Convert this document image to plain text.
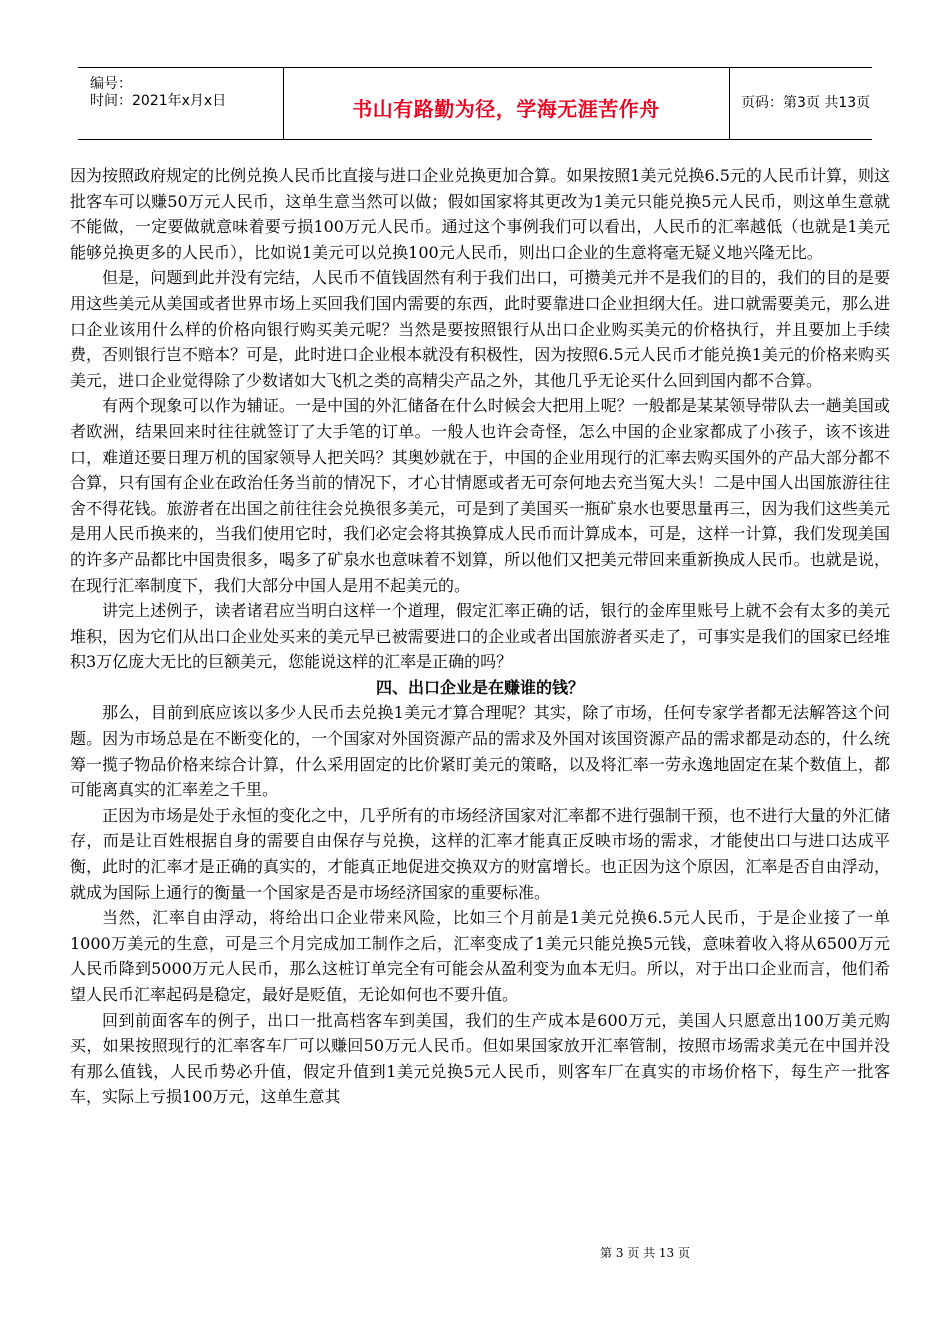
编号：
时间：2021年x月x日	书山有路勤为径，学海无涯苦作舟	页码：第3页 共13页

因为按照政府规定的比例兑换人民币比直接与进口企业兑换更加合算。如果按照1美元兑换6.5元的人民币计算，则这批客车可以赚50万元人民币，这单生意当然可以做；假如国家将其更改为1美元只能兑换5元人民币，则这单生意就不能做，一定要做就意味着要亏损100万元人民币。通过这个事例我们可以看出，人民币的汇率越低（也就是1美元能够兑换更多的人民币），比如说1美元可以兑换100元人民币，则出口企业的生意将毫无疑义地兴隆无比。

但是，问题到此并没有完结，人民币不值钱固然有利于我们出口，可攒美元并不是我们的目的，我们的目的是要用这些美元从美国或者世界市场上买回我们国内需要的东西，此时要靠进口企业担纲大任。进口就需要美元，那么进口企业该用什么样的价格向银行购买美元呢？当然是要按照银行从出口企业购买美元的价格执行，并且要加上手续费，否则银行岂不赔本？可是，此时进口企业根本就没有积极性，因为按照6.5元人民币才能兑换1美元的价格来购买美元，进口企业觉得除了少数诸如大飞机之类的高精尖产品之外，其他几乎无论买什么回到国内都不合算。

有两个现象可以作为辅证。一是中国的外汇储备在什么时候会大把用上呢？一般都是某某领导带队去一趟美国或者欧洲，结果回来时往往就签订了大手笔的订单。一般人也许会奇怪，怎么中国的企业家都成了小孩子，该不该进口，难道还要日理万机的国家领导人把关吗？其奥妙就在于，中国的企业用现行的汇率去购买国外的产品大部分都不合算，只有国有企业在政治任务当前的情况下，才心甘情愿或者无可奈何地去充当冤大头！二是中国人出国旅游往往舍不得花钱。旅游者在出国之前往往会兑换很多美元，可是到了美国买一瓶矿泉水也要思量再三，因为我们这些美元是用人民币换来的，当我们使用它时，我们必定会将其换算成人民币而计算成本，可是，这样一计算，我们发现美国的许多产品都比中国贵很多，喝多了矿泉水也意味着不划算，所以他们又把美元带回来重新换成人民币。也就是说，在现行汇率制度下，我们大部分中国人是用不起美元的。

讲完上述例子，读者诸君应当明白这样一个道理，假定汇率正确的话，银行的金库里账号上就不会有太多的美元堆积，因为它们从出口企业处买来的美元早已被需要进口的企业或者出国旅游者买走了，可事实是我们的国家已经堆积3万亿庞大无比的巨额美元，您能说这样的汇率是正确的吗？

四、出口企业是在赚谁的钱？

那么，目前到底应该以多少人民币去兑换1美元才算合理呢？其实，除了市场，任何专家学者都无法解答这个问题。因为市场总是在不断变化的，一个国家对外国资源产品的需求及外国对该国资源产品的需求都是动态的，什么统筹一揽子物品价格来综合计算，什么采用固定的比价紧盯美元的策略，以及将汇率一劳永逸地固定在某个数值上，都可能离真实的汇率差之千里。

正因为市场是处于永恒的变化之中，几乎所有的市场经济国家对汇率都不进行强制干预，也不进行大量的外汇储存，而是让百姓根据自身的需要自由保存与兑换，这样的汇率才能真正反映市场的需求，才能使出口与进口达成平衡，此时的汇率才是正确的真实的，才能真正地促进交换双方的财富增长。也正因为这个原因，汇率是否自由浮动，就成为国际上通行的衡量一个国家是否是市场经济国家的重要标准。

当然，汇率自由浮动，将给出口企业带来风险，比如三个月前是1美元兑换6.5元人民币，于是企业接了一单1000万美元的生意，可是三个月完成加工制作之后，汇率变成了1美元只能兑换5元钱，意味着收入将从6500万元人民币降到5000万元人民币，那么这桩订单完全有可能会从盈利变为血本无归。所以，对于出口企业而言，他们希望人民币汇率起码是稳定，最好是贬值，无论如何也不要升值。

回到前面客车的例子，出口一批高档客车到美国，我们的生产成本是600万元，美国人只愿意出100万美元购买，如果按照现行的汇率客车厂可以赚回50万元人民币。但如果国家放开汇率管制，按照市场需求美元在中国并没有那么值钱，人民币势必升值，假定升值到1美元兑换5元人民币，则客车厂在真实的市场价格下，每生产一批客车，实际上亏损100万元，这单生意其

第 3 页 共 13 页
